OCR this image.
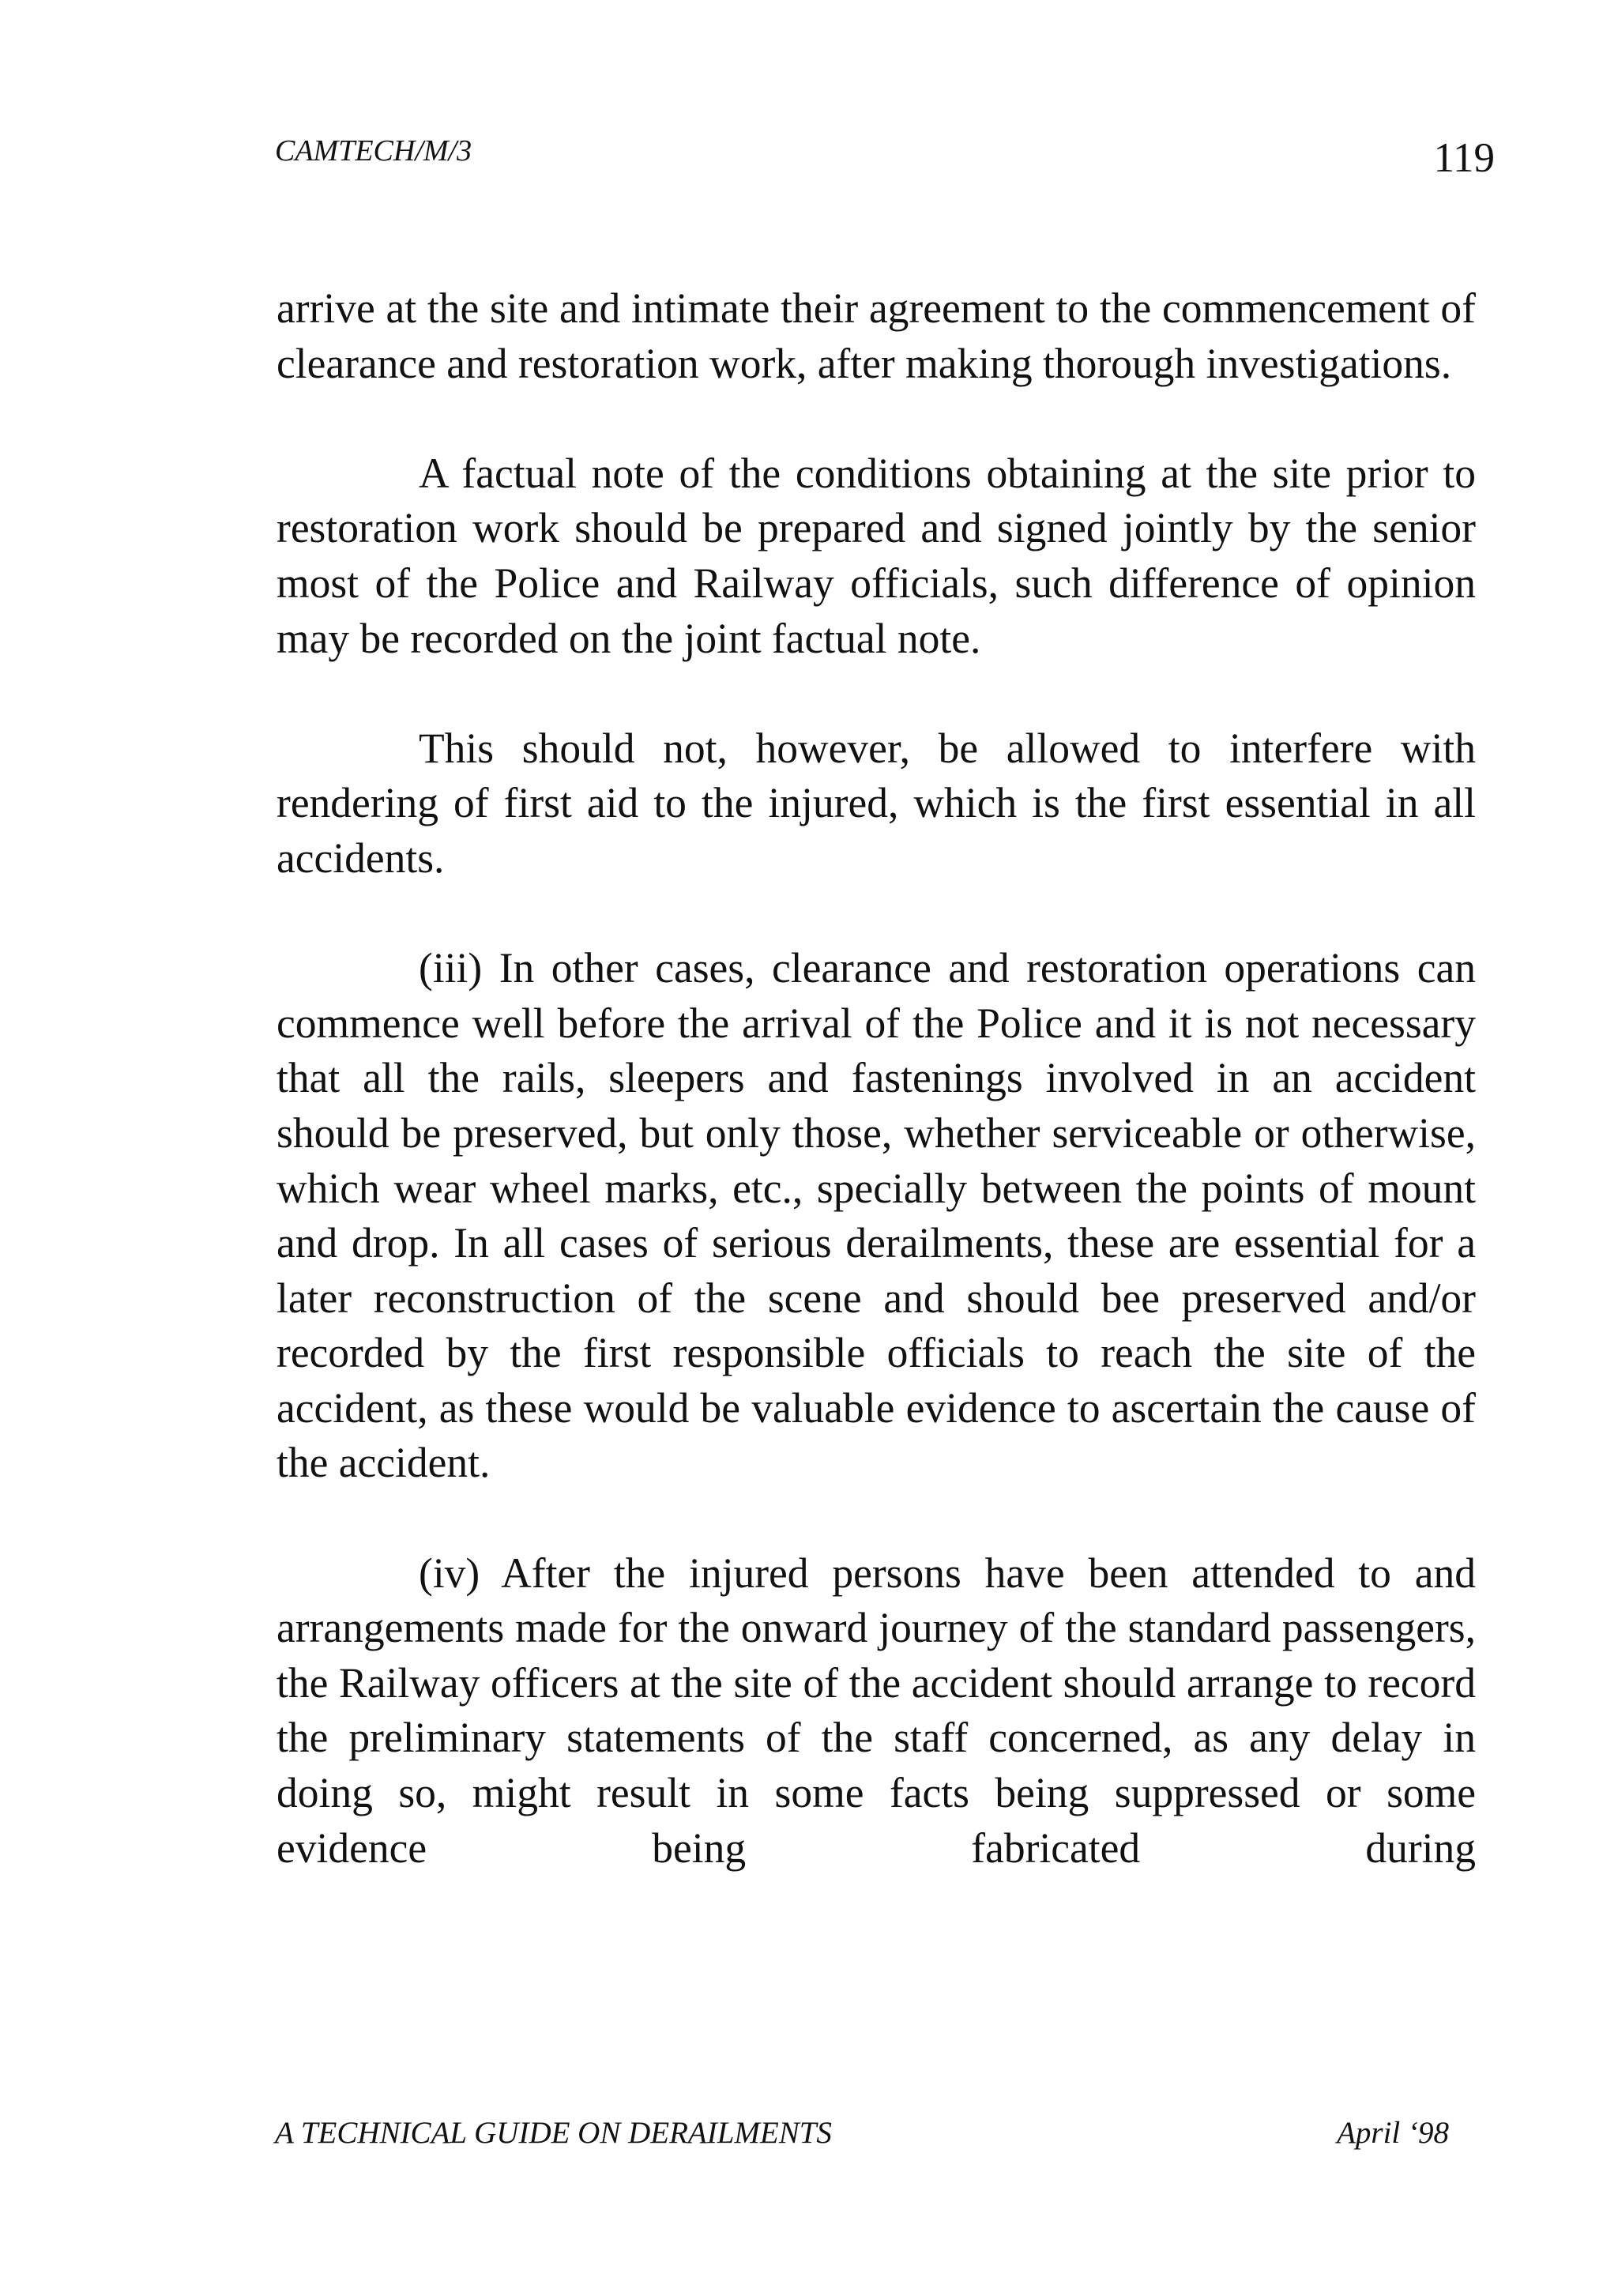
CAMTECH/M/3	119

arrive at the site and intimate their agreement to the commencement of clearance and restoration work, after making thorough investigations.

A factual note of the conditions obtaining at the site prior to restoration work should be prepared and signed jointly by the senior most of the Police and Railway officials, such difference of opinion may be recorded on the joint factual note.

This should not, however, be allowed to interfere with rendering of first aid to the injured, which is the first essential in all accidents.

(iii) In other cases, clearance and restoration operations can commence well before the arrival of the Police and it is not necessary that all the rails, sleepers and fastenings involved in an accident should be preserved, but only those, whether serviceable or otherwise, which wear wheel marks, etc., specially between the points of mount and drop. In all cases of serious derailments, these are essential for a later reconstruction of the scene and should bee preserved and/or recorded by the first responsible officials to reach the site of the accident, as these would be valuable evidence to ascertain the cause of the accident.

(iv) After the injured persons have been attended to and arrangements made for the onward journey of the standard passengers, the Railway officers at the site of the accident should arrange to record the preliminary statements of the staff concerned, as any delay in doing so, might result in some facts being suppressed or some evidence being fabricated during

A TECHNICAL GUIDE ON DERAILMENTS	April ‘98
